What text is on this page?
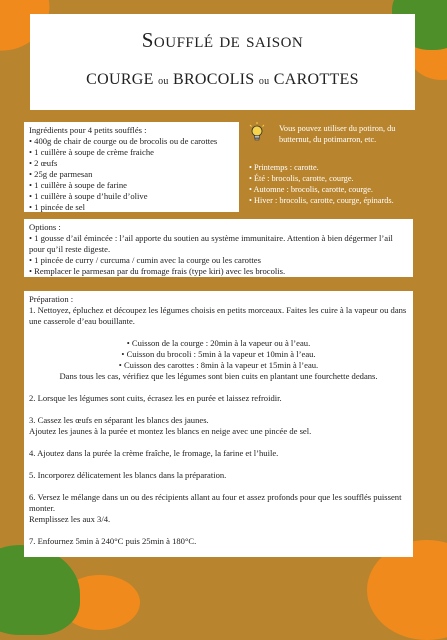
Soufflé de saison
COURGE ou BROCOLIS ou CAROTTES
Ingrédients pour 4 petits soufflés :
• 400g de chair de courge ou de brocolis ou de carottes
• 1 cuillère à soupe de crème fraiche
• 2 œufs
• 25g de parmesan
• 1 cuillère à soupe de farine
• 1 cuillère à soupe d’huile d’olive
• 1 pincée de sel
Vous pouvez utiliser du potiron, du butternut, du potimarron, etc.
• Printemps : carotte.
• Été : brocolis, carotte, courge.
• Automne : brocolis, carotte, courge.
• Hiver : brocolis, carotte, courge, épinards.
Options :
• 1 gousse d’ail émincée : l’ail apporte du soutien au système immunitaire. Attention à bien dégermer l’ail pour qu’il reste digeste.
• 1 pincée de curry / curcuma / cumin avec la courge ou les carottes
• Remplacer le parmesan par du fromage frais (type kiri) avec les brocolis.

Préparation :

1. Nettoyez, épluchez et découpez les légumes choisis en petits morceaux. Faites les cuire à la vapeur ou dans une casserole d’eau bouillante.

• Cuisson de la courge : 20min à la vapeur ou à l’eau.

• Cuisson du brocoli : 5min à la vapeur et 10min à l’eau.

• Cuisson des carottes : 8min à la vapeur et 15min à l’eau.

Dans tous les cas, vérifiez que les légumes sont bien cuits en plantant une fourchette dedans.

2. Lorsque les légumes sont cuits, écrasez les en purée et laissez refroidir.

3. Cassez les œufs en séparant les blancs des jaunes.

Ajoutez les jaunes à la purée et montez les blancs en neige avec une pincée de sel.

4. Ajoutez dans la purée la crème fraîche, le fromage, la farine et l’huile.

5. Incorporez délicatement les blancs dans la préparation.

6. Versez le mélange dans un ou des récipients allant au four et assez profonds pour que les soufflés puissent monter.

Remplissez les aux 3/4.

7. Enfournez 5min à 240°C puis 25min à 180°C.
